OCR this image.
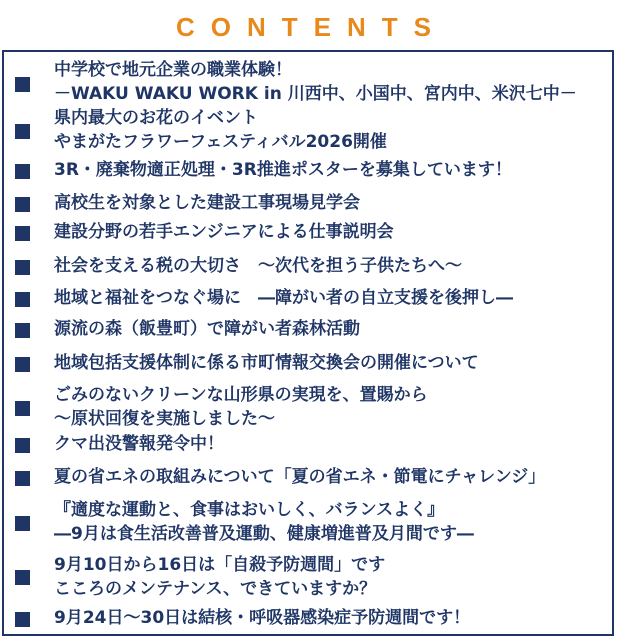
CONTENTS
中学校で地元企業の職業体験！
－WAKU WAKU WORK in 川西中、小国中、宮内中、米沢七中－
県内最大のお花のイベント
やまがたフラワーフェスティバル2026開催
3R・廃棄物適正処理・3R推進ポスターを募集しています！
高校生を対象とした建設工事現場見学会
建設分野の若手エンジニアによる仕事説明会
社会を支える税の大切さ　～次代を担う子供たちへ～
地域と福祉をつなぐ場に　―障がい者の自立支援を後押し―
源流の森（飯豊町）で障がい者森林活動
地域包括支援体制に係る市町情報交換会の開催について
ごみのないクリーンな山形県の実現を、置賜から
～原状回復を実施しました～
クマ出没警報発令中！
夏の省エネの取組みについて「夏の省エネ・節電にチャレンジ」
『適度な運動と、食事はおいしく、バランスよく』
―9月は食生活改善普及運動、健康増進普及月間です―
9月10日から16日は「自殺予防週間」です
こころのメンテナンス、できていますか？
9月24日～30日は結核・呼吸器感染症予防週間です！
